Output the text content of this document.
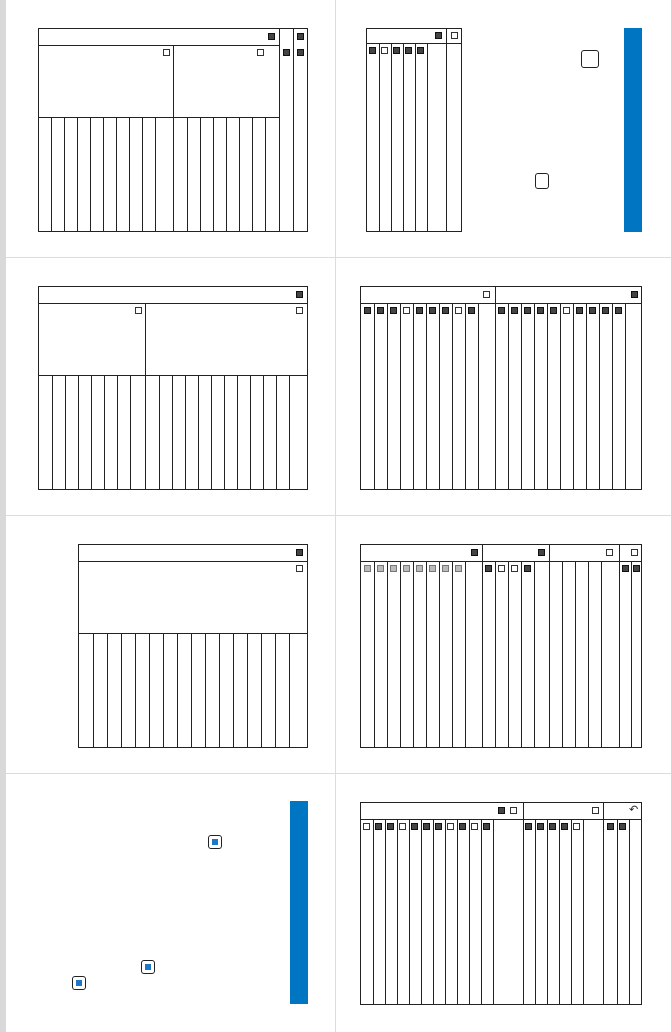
↶
